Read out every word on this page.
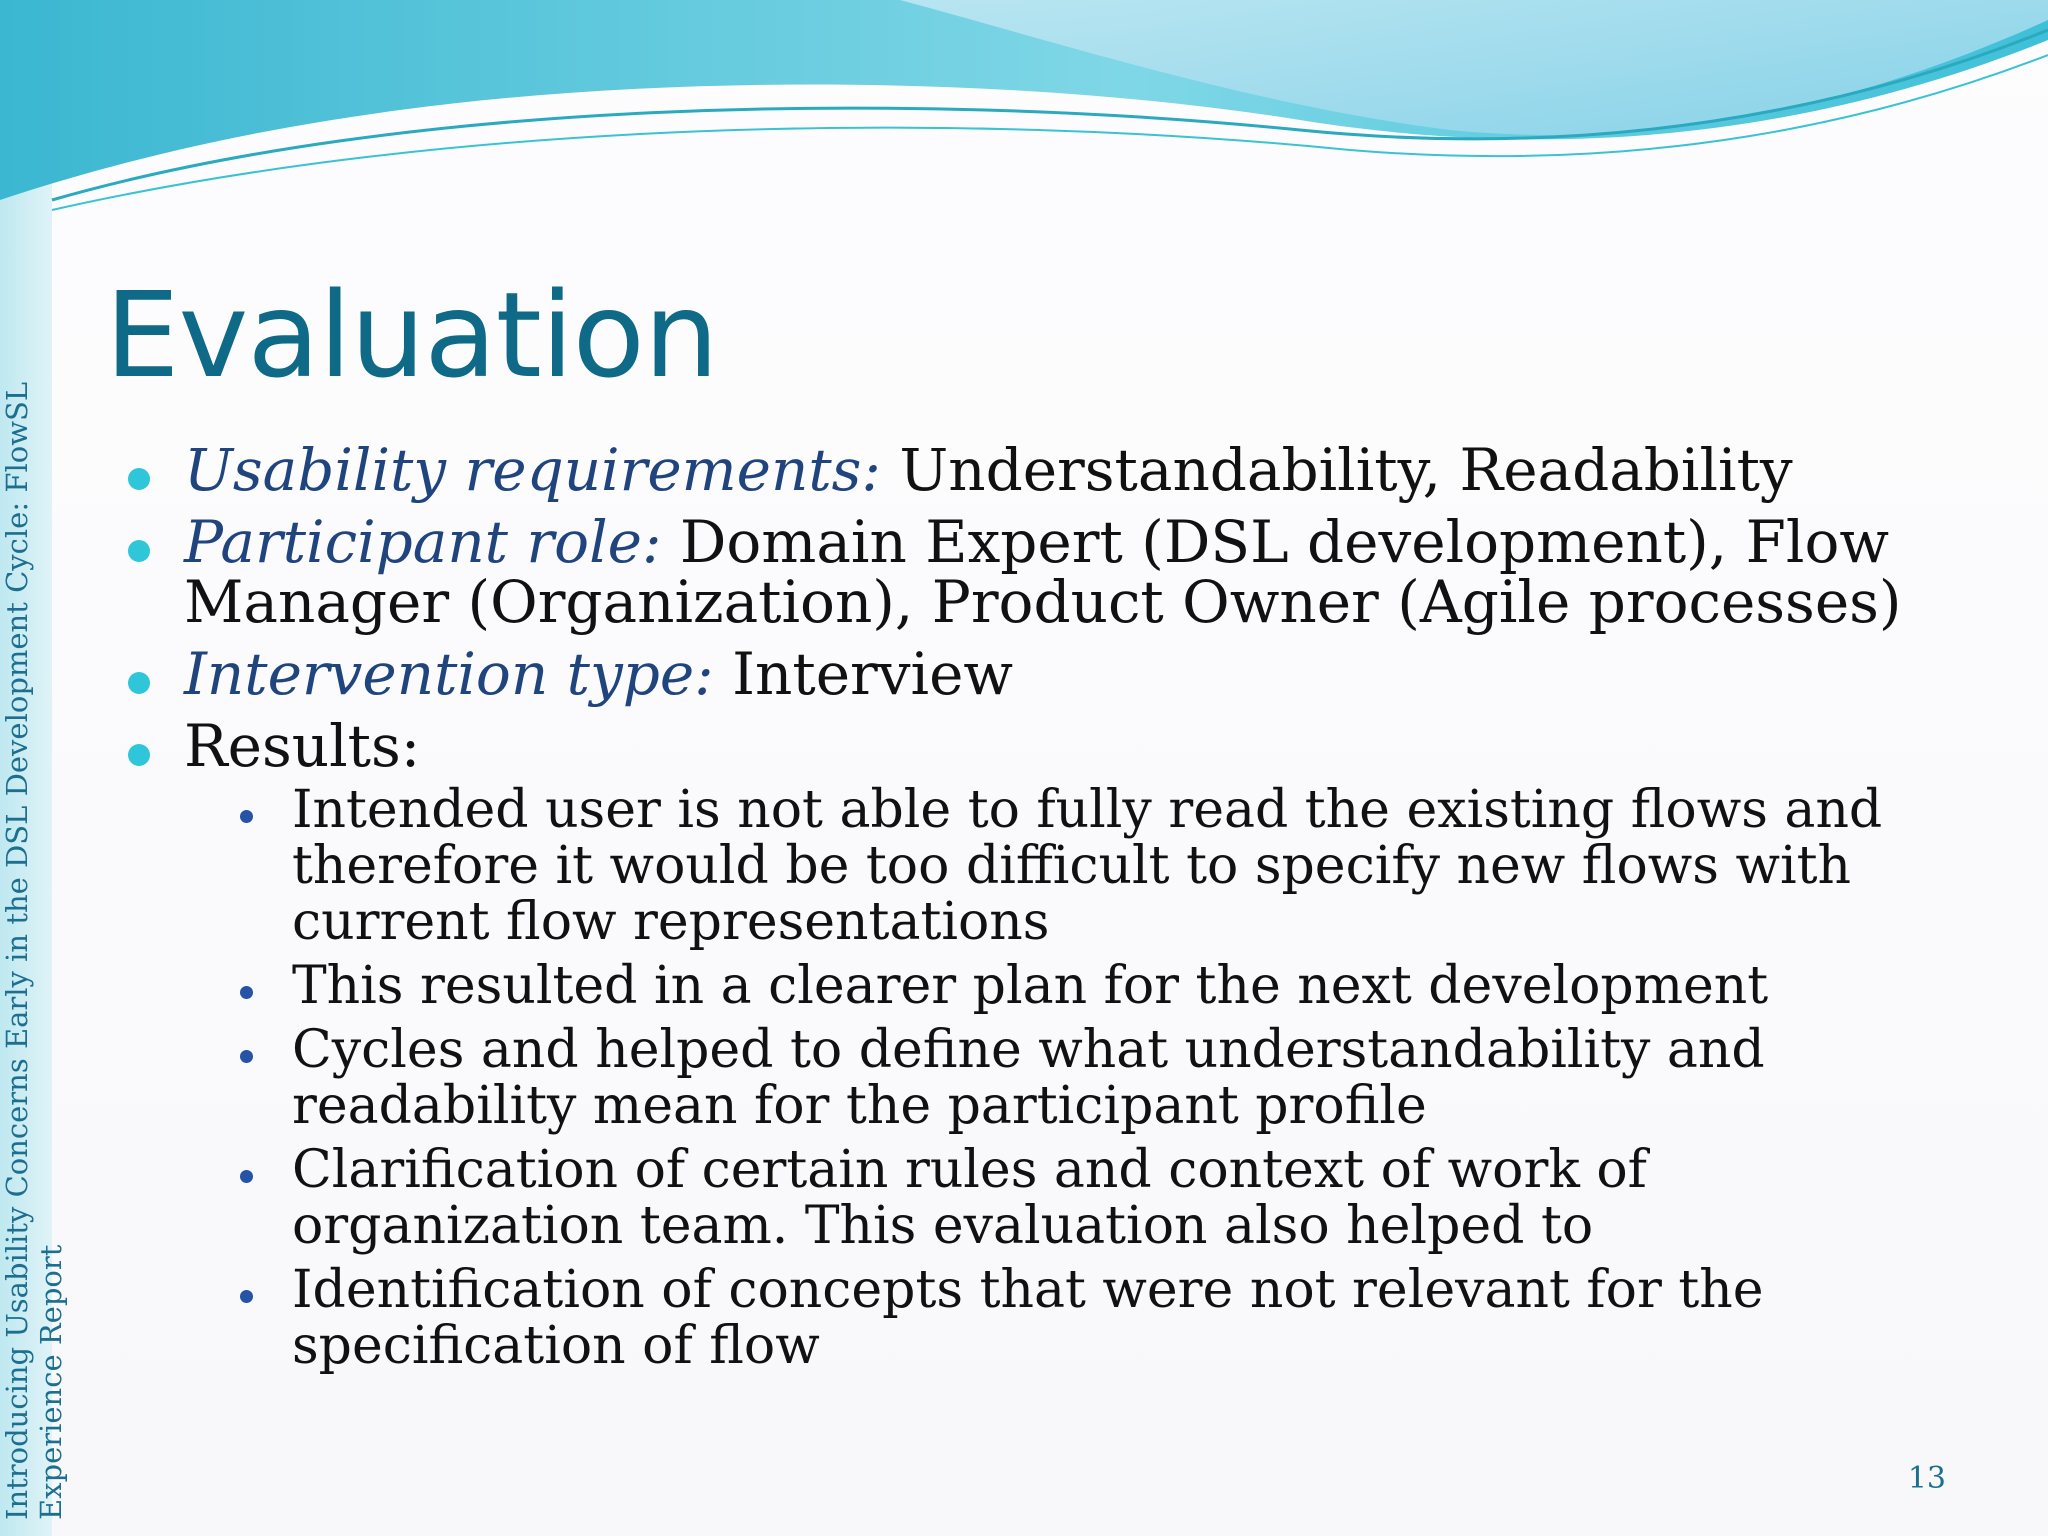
Introducing Usability Concerns Early in the DSL Development Cycle: FlowSL Experience Report
Evaluation
Usability requirements: Understandability, Readability
Participant role: Domain Expert (DSL development), Flow Manager (Organization), Product Owner (Agile processes)
Intervention type: Interview
Results:
Intended user is not able to fully read the existing flows and therefore it would be too difficult to specify new flows with current flow representations
This resulted in a clearer plan for the next development
Cycles and helped to define what understandability and readability mean for the participant profile
Clarification of certain rules and context of work of organization team. This evaluation also helped to
Identification of concepts that were not relevant for the specification of flow
13
